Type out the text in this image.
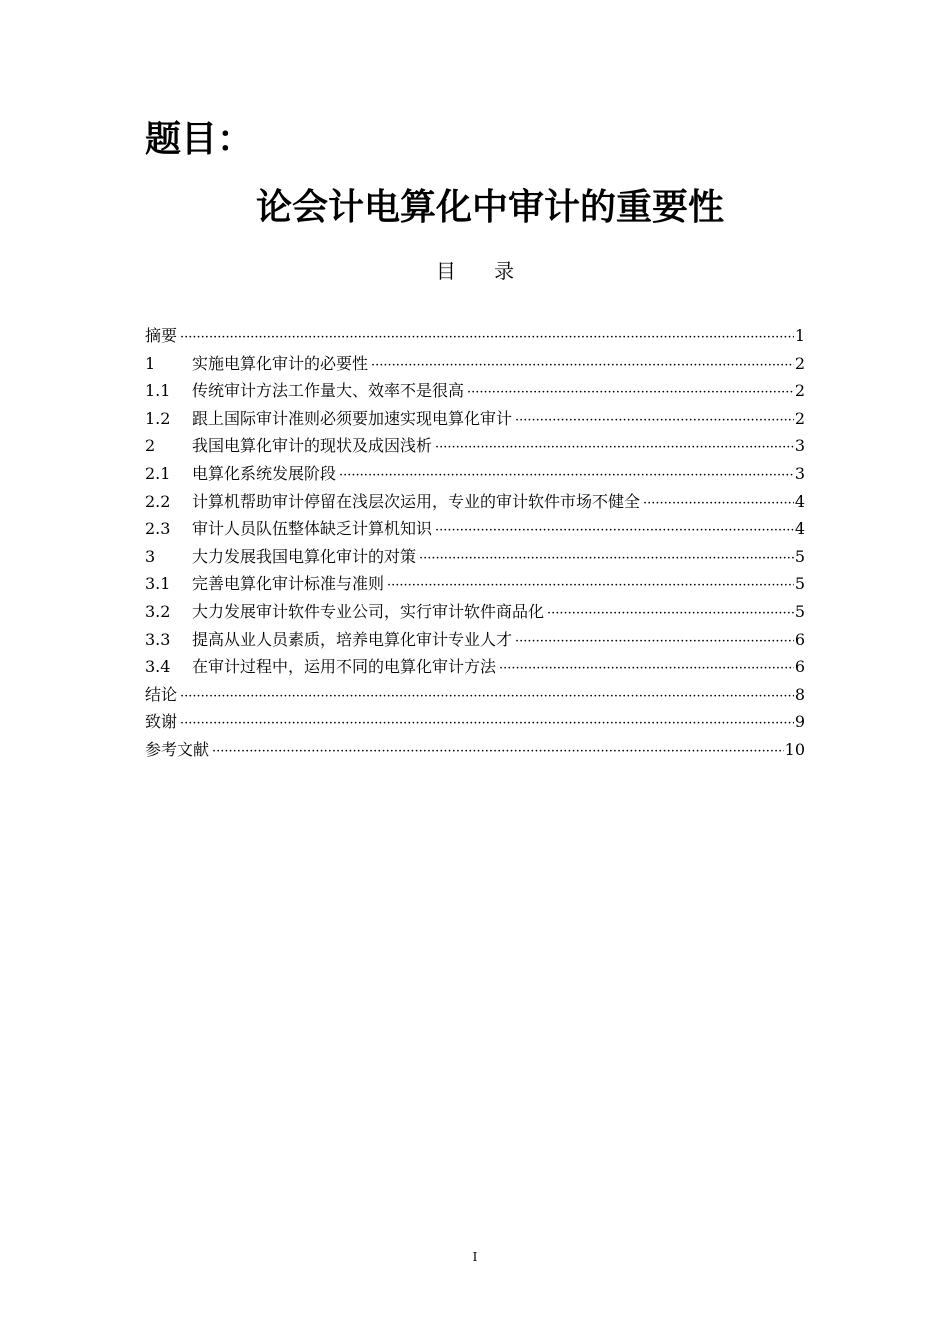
题目：
论会计电算化中审计的重要性
目 录
摘要 ·····	1
1	实施电算化审计的必要性 ·····	2
1.1	传统审计方法工作量大、效率不是很高 ·····	2
1.2	跟上国际审计准则必须要加速实现电算化审计 ·····	2
2	我国电算化审计的现状及成因浅析 ·····	3
2.1	电算化系统发展阶段 ·····	3
2.2	计算机帮助审计停留在浅层次运用，专业的审计软件市场不健全 ·····	4
2.3	审计人员队伍整体缺乏计算机知识 ·····	4
3	大力发展我国电算化审计的对策 ·····	5
3.1	完善电算化审计标准与准则 ·····	5
3.2	大力发展审计软件专业公司，实行审计软件商品化 ·····	5
3.3	提高从业人员素质，培养电算化审计专业人才 ·····	6
3.4	在审计过程中，运用不同的电算化审计方法 ·····	6
结论 ·····	8
致谢 ·····	9
参考文献 ·····	10
I
